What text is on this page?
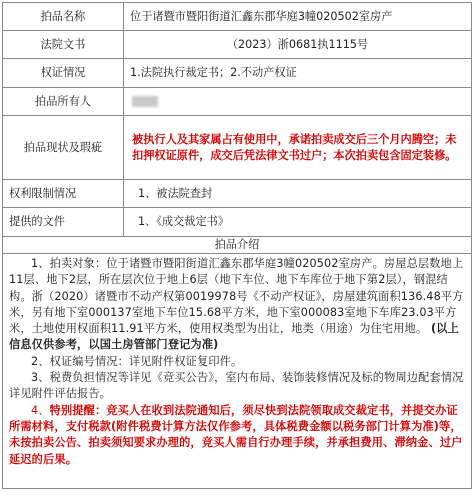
拍品名称	位于诸暨市暨阳街道汇鑫东郡华庭3幢020502室房产
法院文书	（2023）浙0681执1115号
权证情况	1.法院执行裁定书；2.不动产权证
拍品所有人	
拍品现状及瑕疵	被执行人及其家属占有使用中，承诺拍卖成交后三个月内腾空；未扣押权证原件，成交后凭法律文书过户；本次拍卖包含固定装修。
权利限制情况	1、被法院查封
提供的文件	1、《成交裁定书》
拍品介绍	

1、拍卖对象：位于诸暨市暨阳街道汇鑫东郡华庭3幢020502室房产。房屋总层数地上11层、地下2层，所在层次位于地上6层（地下车位、地下车库位于地下第2层），钢混结构。浙（2020）诸暨市不动产权第0019978号《不动产权证》，房屋建筑面积136.48平方米，另有地下室000137室地下车位15.68平方米，地下室000083室地下车库23.03平方米，土地使用权面积11.91平方米，使用权类型为出让，地类（用途）为住宅用地。 (以上信息仅供参考，以国土房管部门登记为准)

2、权证编号情况：详见附件权证复印件。

3、税费负担情况等详见《竞买公告》，室内布局、装饰装修情况及标的物周边配套情况详见附件评估报告。

4、特别提醒：竞买人在收到法院通知后，须尽快到法院领取成交裁定书，并提交办证所需材料，支付税款(附件税费计算方法仅作参考，具体税费金额以税务部门计算为准)等，未按拍卖公告、拍卖须知要求办理的，竞买人需自行办理手续，并承担费用、滞纳金、过户延迟的后果。	
